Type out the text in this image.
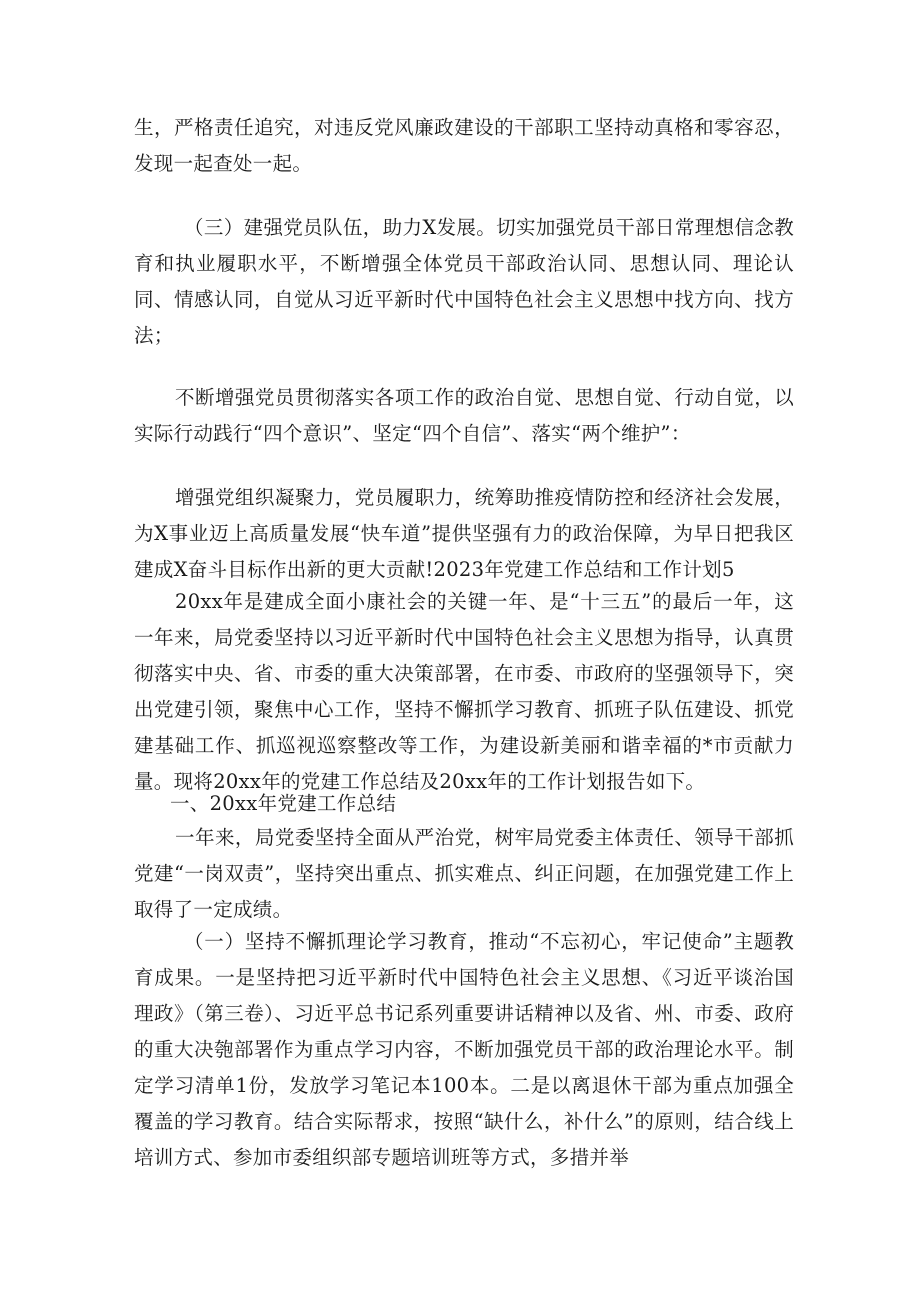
生，严格责任追究，对违反党风廉政建设的干部职工坚持动真格和零容忍，发现一起查处一起。

（三）建强党员队伍，助力X发展。切实加强党员干部日常理想信念教育和执业履职水平，不断增强全体党员干部政治认同、思想认同、理论认同、情感认同，自觉从习近平新时代中国特色社会主义思想中找方向、找方法；

不断增强党员贯彻落实各项工作的政治自觉、思想自觉、行动自觉，以实际行动践行“四个意识”、坚定“四个自信”、落实“两个维护”：

增强党组织凝聚力，党员履职力，统筹助推疫情防控和经济社会发展，为X事业迈上高质量发展“快车道”提供坚强有力的政治保障，为早日把我区建成X奋斗目标作出新的更大贡献!2023年党建工作总结和工作计划5

20xx年是建成全面小康社会的关键一年、是“十三五”的最后一年，这一年来，局党委坚持以习近平新时代中国特色社会主义思想为指导，认真贯彻落实中央、省、市委的重大决策部署，在市委、市政府的坚强领导下，突出党建引领，聚焦中心工作，坚持不懈抓学习教育、抓班子队伍建设、抓党建基础工作、抓巡视巡察整改等工作，为建设新美丽和谐幸福的*市贡献力量。现将20xx年的党建工作总结及20xx年的工作计划报告如下。

一、20xx年党建工作总结

一年来，局党委坚持全面从严治党，树牢局党委主体责任、领导干部抓党建“一岗双责”，坚持突出重点、抓实难点、纠正问题，在加强党建工作上取得了一定成绩。

（一）坚持不懈抓理论学习教育，推动“不忘初心，牢记使命”主题教育成果。一是坚持把习近平新时代中国特色社会主义思想、《习近平谈治国理政》（第三卷）、习近平总书记系列重要讲话精神以及省、州、市委、政府的重大决匏部署作为重点学习内容，不断加强党员干部的政治理论水平。制定学习清单1份，发放学习笔记本100本。二是以离退休干部为重点加强全覆盖的学习教育。结合实际帮求，按照“缺什么，补什么”的原则，结合线上培训方式、参加市委组织部专题培训班等方式，多措并举
